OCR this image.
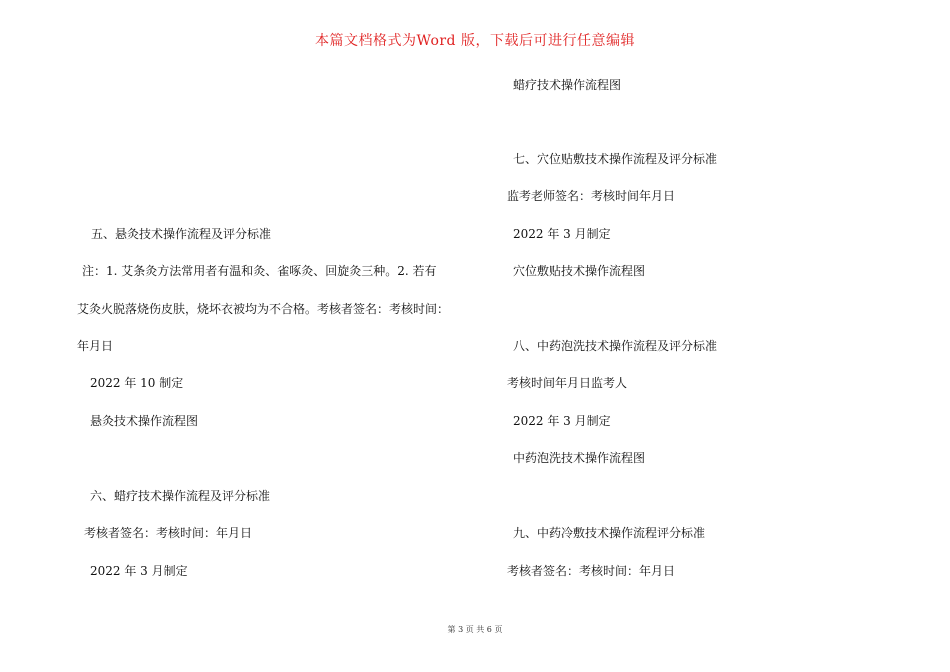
本篇文档格式为Word 版，下载后可进行任意编辑
五、悬灸技术操作流程及评分标准
注：1. 艾条灸方法常用者有温和灸、雀啄灸、回旋灸三种。2. 若有
艾灸火脱落烧伤皮肤，烧坏衣被均为不合格。考核者签名：考核时间：
年月日
2022 年 10 制定
悬灸技术操作流程图
六、蜡疗技术操作流程及评分标准
考核者签名：考核时间：年月日
2022 年 3 月制定
蜡疗技术操作流程图
七、穴位贴敷技术操作流程及评分标准
监考老师签名：考核时间年月日
2022 年 3 月制定
穴位敷贴技术操作流程图
八、中药泡洗技术操作流程及评分标准
考核时间年月日监考人
2022 年 3 月制定
中药泡洗技术操作流程图
九、中药冷敷技术操作流程评分标准
考核者签名：考核时间：年月日
第 3 页 共 6 页
